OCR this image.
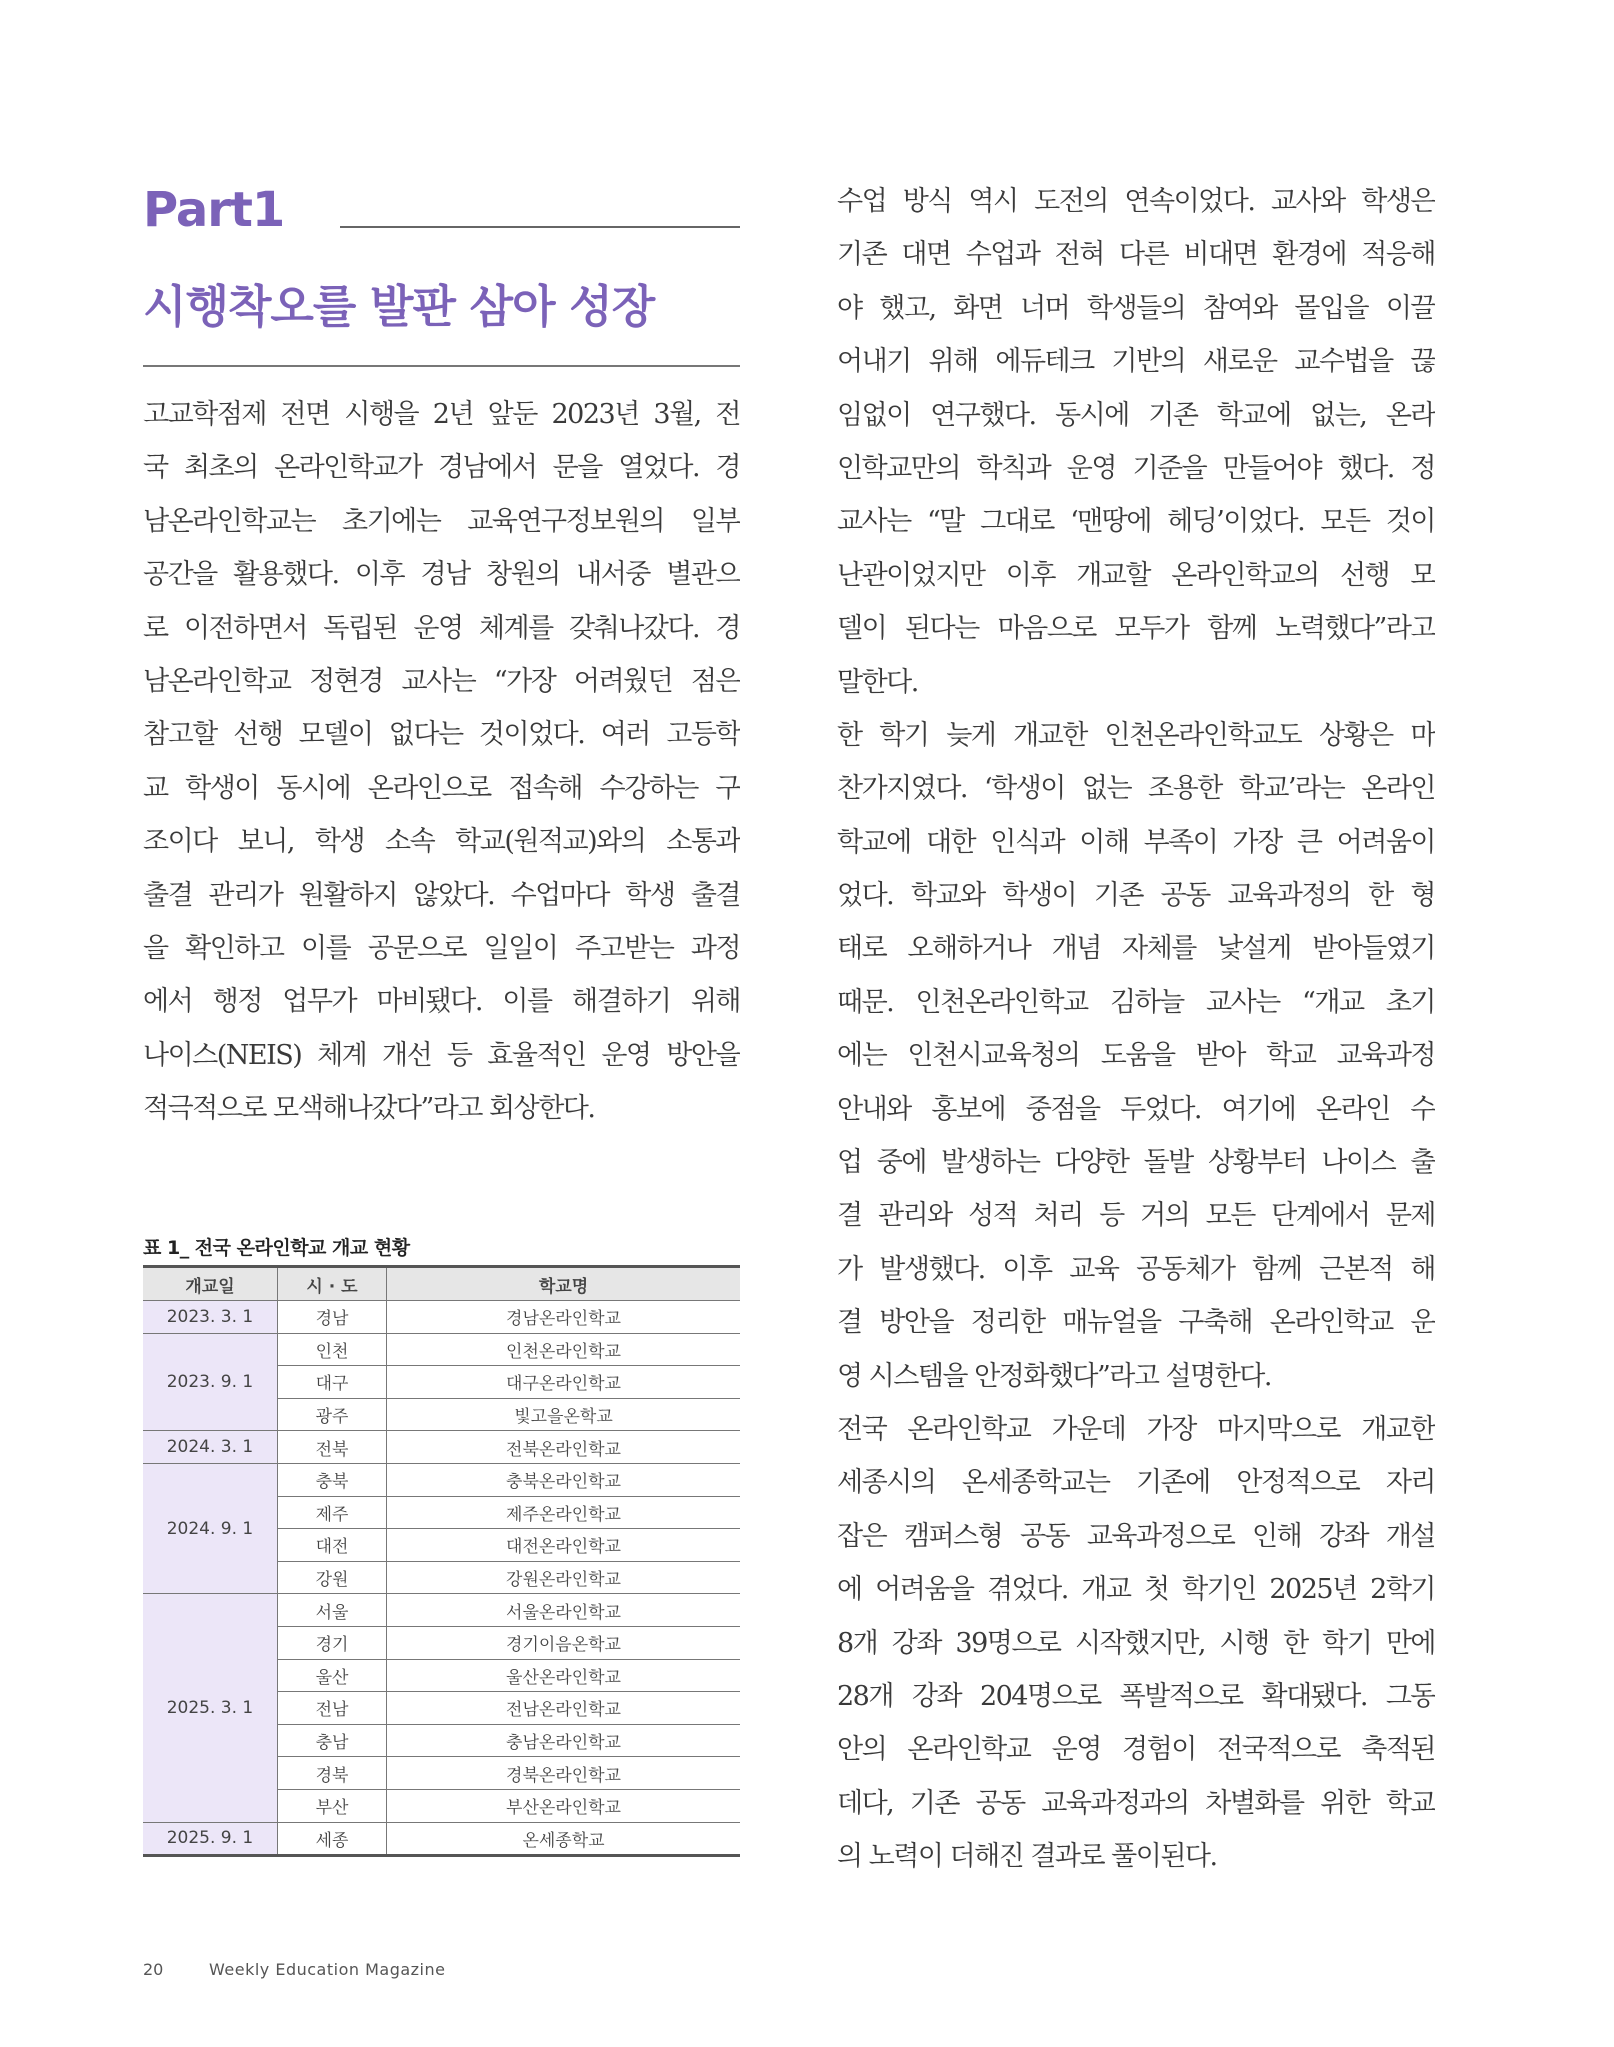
Part1
시행착오를 발판 삼아 성장
고교학점제 전면 시행을 2년 앞둔 2023년 3월, 전
국 최초의 온라인학교가 경남에서 문을 열었다. 경
남온라인학교는 초기에는 교육연구정보원의 일부
공간을 활용했다. 이후 경남 창원의 내서중 별관으
로 이전하면서 독립된 운영 체계를 갖춰나갔다. 경
남온라인학교 정현경 교사는 “가장 어려웠던 점은
참고할 선행 모델이 없다는 것이었다. 여러 고등학
교 학생이 동시에 온라인으로 접속해 수강하는 구
조이다 보니, 학생 소속 학교(원적교)와의 소통과
출결 관리가 원활하지 않았다. 수업마다 학생 출결
을 확인하고 이를 공문으로 일일이 주고받는 과정
에서 행정 업무가 마비됐다. 이를 해결하기 위해
나이스(NEIS) 체계 개선 등 효율적인 운영 방안을
적극적으로 모색해나갔다”라고 회상한다.
표 1_ 전국 온라인학교 개교 현황
개교일	시 · 도	학교명
2023. 3. 1	경남	경남온라인학교
2023. 9. 1	인천	인천온라인학교
	대구	대구온라인학교
	광주	빛고을온학교
2024. 3. 1	전북	전북온라인학교
2024. 9. 1	충북	충북온라인학교
	제주	제주온라인학교
	대전	대전온라인학교
	강원	강원온라인학교
2025. 3. 1	서울	서울온라인학교
	경기	경기이음온학교
	울산	울산온라인학교
	전남	전남온라인학교
	충남	충남온라인학교
	경북	경북온라인학교
	부산	부산온라인학교
2025. 9. 1	세종	온세종학교
수업 방식 역시 도전의 연속이었다. 교사와 학생은
기존 대면 수업과 전혀 다른 비대면 환경에 적응해
야 했고, 화면 너머 학생들의 참여와 몰입을 이끌
어내기 위해 에듀테크 기반의 새로운 교수법을 끊
임없이 연구했다. 동시에 기존 학교에 없는, 온라
인학교만의 학칙과 운영 기준을 만들어야 했다. 정
교사는 “말 그대로 ‘맨땅에 헤딩’이었다. 모든 것이
난관이었지만 이후 개교할 온라인학교의 선행 모
델이 된다는 마음으로 모두가 함께 노력했다”라고
말한다.
한 학기 늦게 개교한 인천온라인학교도 상황은 마
찬가지였다. ‘학생이 없는 조용한 학교’라는 온라인
학교에 대한 인식과 이해 부족이 가장 큰 어려움이
었다. 학교와 학생이 기존 공동 교육과정의 한 형
태로 오해하거나 개념 자체를 낯설게 받아들였기
때문. 인천온라인학교 김하늘 교사는 “개교 초기
에는 인천시교육청의 도움을 받아 학교 교육과정
안내와 홍보에 중점을 두었다. 여기에 온라인 수
업 중에 발생하는 다양한 돌발 상황부터 나이스 출
결 관리와 성적 처리 등 거의 모든 단계에서 문제
가 발생했다. 이후 교육 공동체가 함께 근본적 해
결 방안을 정리한 매뉴얼을 구축해 온라인학교 운
영 시스템을 안정화했다”라고 설명한다.
전국 온라인학교 가운데 가장 마지막으로 개교한
세종시의 온세종학교는 기존에 안정적으로 자리
잡은 캠퍼스형 공동 교육과정으로 인해 강좌 개설
에 어려움을 겪었다. 개교 첫 학기인 2025년 2학기
8개 강좌 39명으로 시작했지만, 시행 한 학기 만에
28개 강좌 204명으로 폭발적으로 확대됐다. 그동
안의 온라인학교 운영 경험이 전국적으로 축적된
데다, 기존 공동 교육과정과의 차별화를 위한 학교
의 노력이 더해진 결과로 풀이된다.
20	Weekly Education Magazine
